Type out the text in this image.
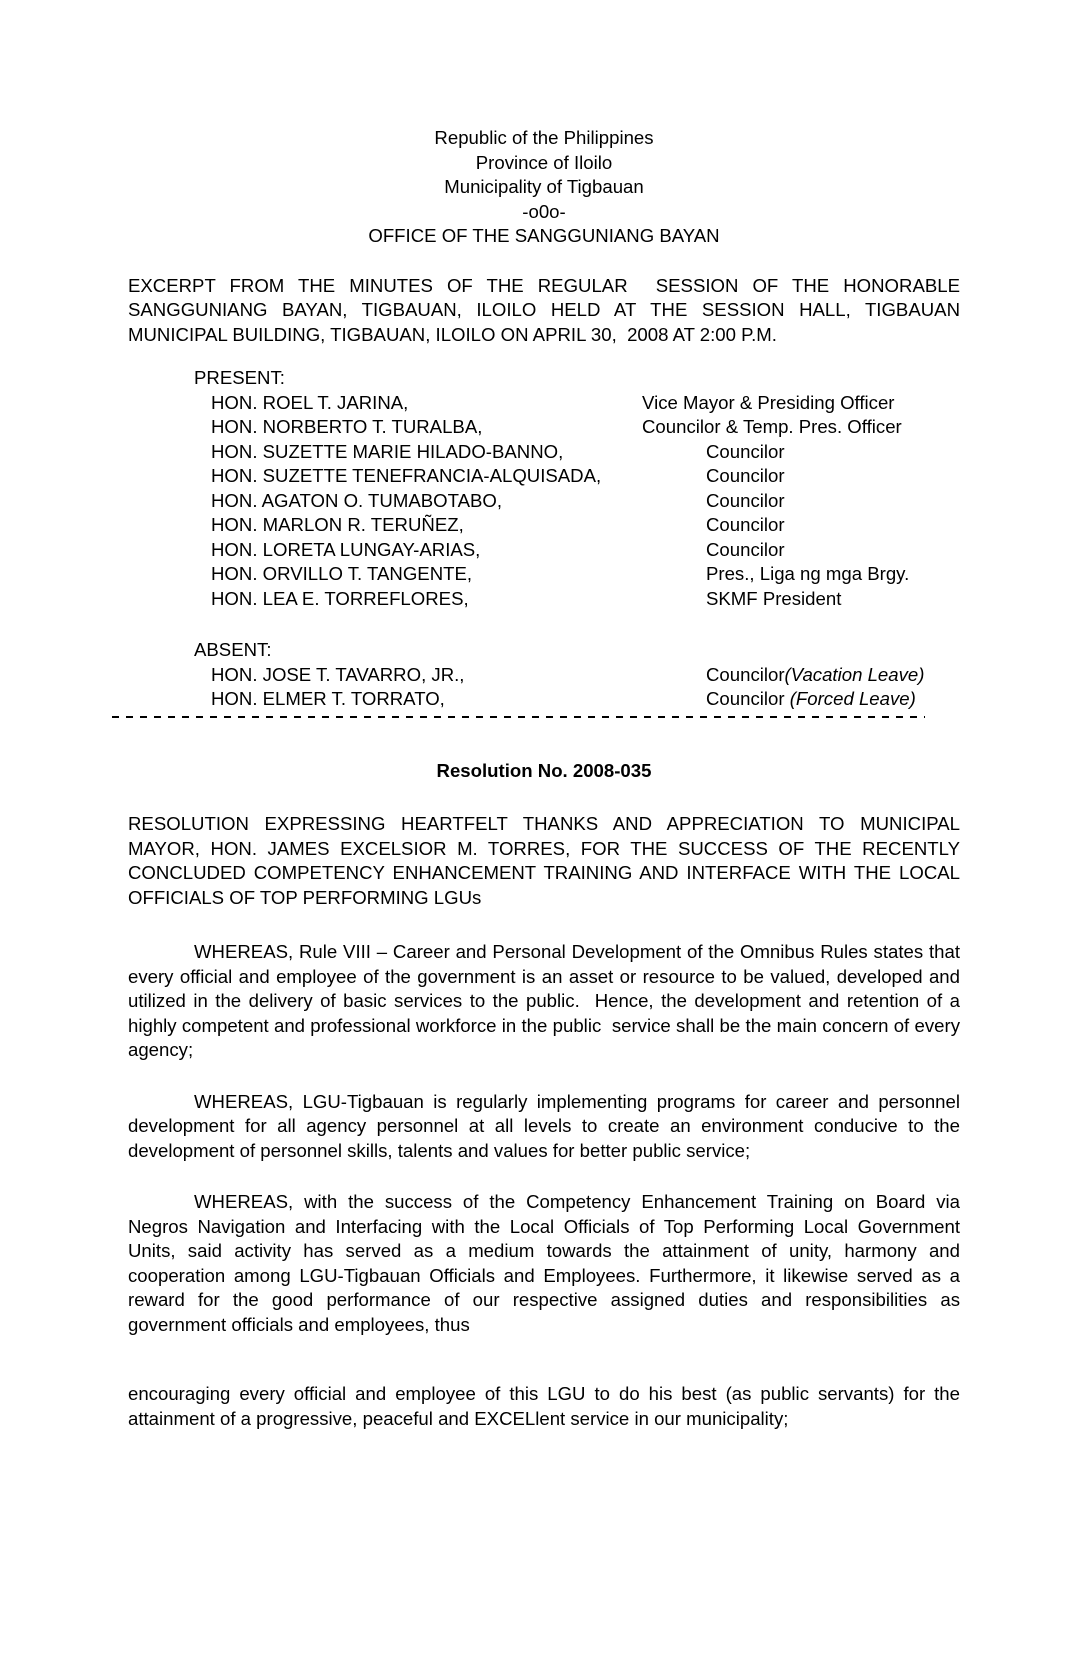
Republic of the Philippines

Province of Iloilo

Municipality of Tigbauan

-o0o-

OFFICE OF THE SANGGUNIANG BAYAN

EXCERPT FROM THE MINUTES OF THE REGULAR  SESSION OF THE HONORABLE SANGGUNIANG BAYAN, TIGBAUAN, ILOILO HELD AT THE SESSION HALL, TIGBAUAN MUNICIPAL BUILDING, TIGBAUAN, ILOILO ON APRIL 30,  2008 AT 2:00 P.M.

PRESENT:

HON. ROEL T. JARINA,	Vice Mayor & Presiding Officer
HON. NORBERTO T. TURALBA,	Councilor & Temp. Pres. Officer
HON. SUZETTE MARIE HILADO-BANNO,	Councilor
HON. SUZETTE TENEFRANCIA-ALQUISADA,	Councilor
HON. AGATON O. TUMABOTABO,	Councilor
HON. MARLON R. TERUÑEZ,	Councilor
HON. LORETA LUNGAY-ARIAS,	Councilor
HON. ORVILLO T. TANGENTE,	Pres., Liga ng mga Brgy.
HON. LEA E. TORREFLORES,	SKMF President

ABSENT:

HON. JOSE T. TAVARRO, JR.,	Councilor(Vacation Leave)
HON. ELMER T. TORRATO,	Councilor (Forced Leave)

Resolution No. 2008-035

RESOLUTION EXPRESSING HEARTFELT THANKS AND APPRECIATION TO MUNICIPAL MAYOR, HON. JAMES EXCELSIOR M. TORRES, FOR THE SUCCESS OF THE RECENTLY CONCLUDED COMPETENCY ENHANCEMENT TRAINING AND INTERFACE WITH THE LOCAL OFFICIALS OF TOP PERFORMING LGUs

WHEREAS, Rule VIII – Career and Personal Development of the Omnibus Rules states that every official and employee of the government is an asset or resource to be valued, developed and utilized in the delivery of basic services to the public.  Hence, the development and retention of a highly competent and professional workforce in the public  service shall be the main concern of every agency;

WHEREAS, LGU-Tigbauan is regularly implementing programs for career and personnel development for all agency personnel at all levels to create an environment conducive to the development of personnel skills, talents and values for better public service;

WHEREAS, with the success of the Competency Enhancement Training on Board via Negros Navigation and Interfacing with the Local Officials of Top Performing Local Government Units, said activity has served as a medium towards the attainment of unity, harmony and cooperation among LGU-Tigbauan Officials and Employees. Furthermore, it likewise served as a reward for the good performance of our respective assigned duties and responsibilities as government officials and employees, thus

encouraging every official and employee of this LGU to do his best (as public servants) for the attainment of a progressive, peaceful and EXCELlent service in our municipality;
